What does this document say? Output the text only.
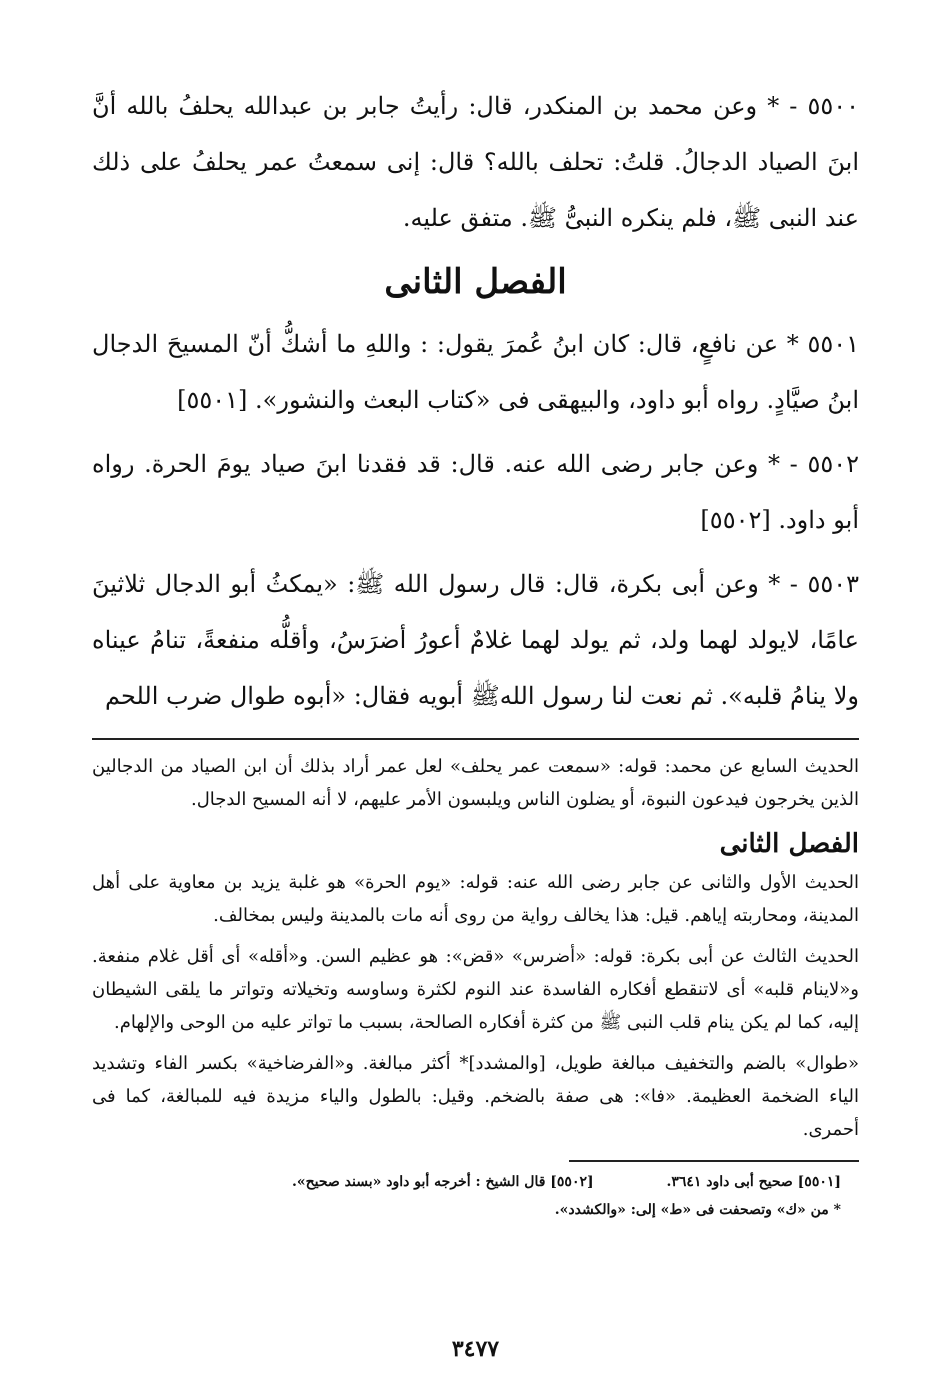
٥٥٠٠ - * وعن محمد بن المنكدر، قال: رأيتُ جابر بن عبدالله يحلفُ بالله أنَّ ابنَ الصياد الدجالُ. قلتُ: تحلف بالله؟ قال: إنى سمعتُ عمر يحلفُ على ذلك عند النبى ﷺ، فلم ينكره النبىُّ ﷺ. متفق عليه.

الفصل الثانى

٥٥٠١ * عن نافعٍ، قال: كان ابنُ عُمرَ يقول: : واللهِ ما أشكُّ أنّ المسيحَ الدجال ابنُ صيَّادٍ. رواه أبو داود، والبيهقى فى «كتاب البعث والنشور». [٥٥٠١]

٥٥٠٢ - * وعن جابر رضى الله عنه. قال: قد فقدنا ابنَ صياد يومَ الحرة. رواه أبو داود. [٥٥٠٢]

٥٥٠٣ - * وعن أبى بكرة، قال: قال رسول الله ﷺ: «يمكثُ أبو الدجال ثلاثينَ عامًا، لايولد لهما ولد، ثم يولد لهما غلامٌ أعورُ أضرَسُ، وأقلُّه منفعةً، تنامُ عيناه ولا ينامُ قلبه». ثم نعت لنا رسول اللهﷺ أبويه فقال: «أبوه طوال ضرب اللحم

الحديث السابع عن محمد: قوله: «سمعت عمر يحلف» لعل عمر أراد بذلك أن ابن الصياد من الدجالين الذين يخرجون فيدعون النبوة، أو يضلون الناس ويلبسون الأمر عليهم، لا أنه المسيح الدجال.

الفصل الثانى

الحديث الأول والثانى عن جابر رضى الله عنه: قوله: «يوم الحرة» هو غلبة يزيد بن معاوية على أهل المدينة، ومحاربته إياهم. قيل: هذا يخالف رواية من روى أنه مات بالمدينة وليس بمخالف.

الحديث الثالث عن أبى بكرة: قوله: «أضرس» «قض»: هو عظيم السن. و«أقله» أى أقل غلام منفعة. و«لاينام قلبه» أى لاتنقطع أفكاره الفاسدة عند النوم لكثرة وساوسه وتخيلاته وتواتر ما يلقى الشيطان إليه، كما لم يكن ينام قلب النبى ﷺ من كثرة أفكاره الصالحة، بسبب ما تواتر عليه من الوحى والإلهام.

«طوال» بالضم والتخفيف مبالغة طويل، [والمشدد]* أكثر مبالغة. و«الفرضاخية» بكسر الفاء وتشديد الياء الضخمة العظيمة. «فا»: هى صفة بالضخم. وقيل: بالطول والياء مزيدة فيه للمبالغة، كما فى أحمرى.

[٥٥٠١] صحيح أبى داود ٣٦٤١.
[٥٥٠٢] قال الشيخ : أخرجه أبو داود «بسند صحيح».
* من «ك» وتصحفت فى «ط» إلى: «والكشدد».
٣٤٧٧
